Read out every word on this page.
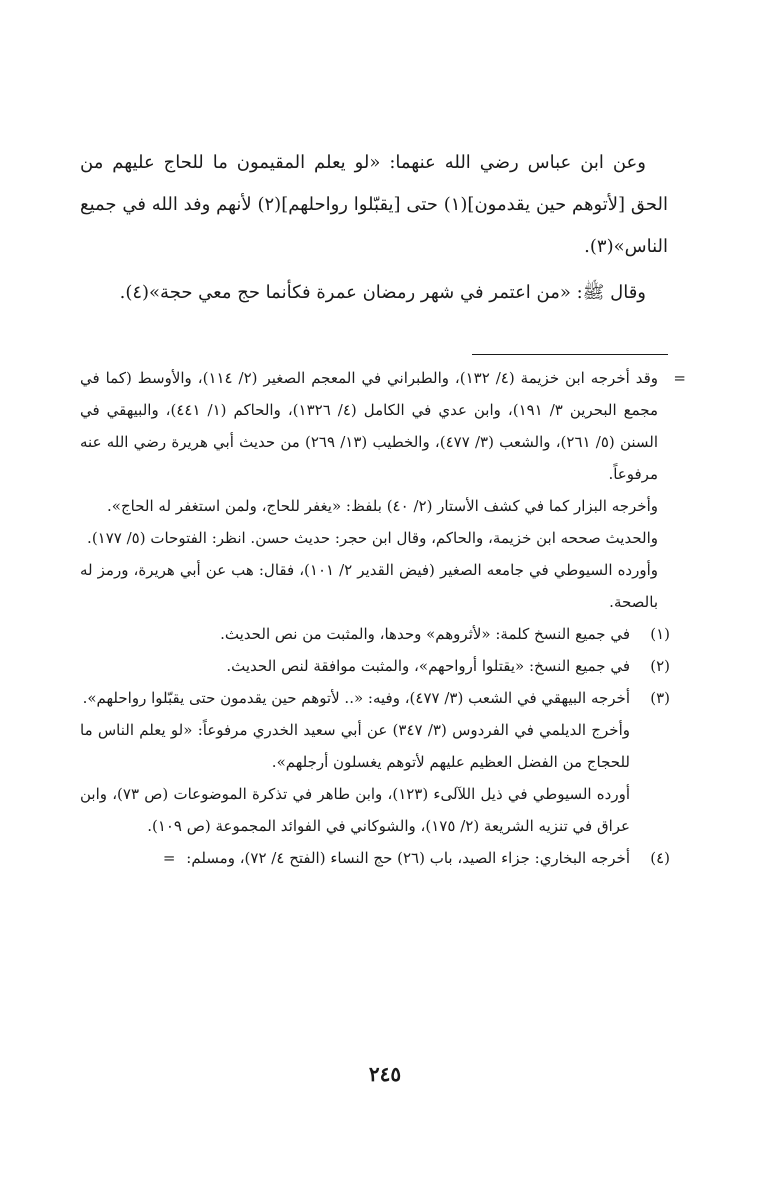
وعن ابن عباس رضي الله عنهما: «لو يعلم المقيمون ما للحاج عليهم من الحق [لأتوهم حين يقدمون](١) حتى [يقبّلوا رواحلهم](٢) لأنهم وفد الله في جميع الناس»(٣).

وقال ﷺ: «من اعتمر في شهر رمضان عمرة فكأنما حج معي حجة»(٤).

=

وقد أخرجه ابن خزيمة (٤/ ١٣٢)، والطبراني في المعجم الصغير (٢/ ١١٤)، والأوسط (كما في مجمع البحرين ٣/ ١٩١)، وابن عدي في الكامل (٤/ ١٣٢٦)، والحاكم (١/ ٤٤١)، والبيهقي في السنن (٥/ ٢٦١)، والشعب (٣/ ٤٧٧)، والخطيب (١٣/ ٢٦٩) من حديث أبي هريرة رضي الله عنه مرفوعاً.

وأخرجه البزار كما في كشف الأستار (٢/ ٤٠) بلفظ: «يغفر للحاج، ولمن استغفر له الحاج».

والحديث صححه ابن خزيمة، والحاكم، وقال ابن حجر: حديث حسن. انظر: الفتوحات (٥/ ١٧٧).

وأورده السيوطي في جامعه الصغير (فيض القدير ٢/ ١٠١)، فقال: هب عن أبي هريرة، ورمز له بالصحة.

(١)
في جميع النسخ كلمة: «لأثروهم» وحدها، والمثبت من نص الحديث.
(٢)
في جميع النسخ: «يقتلوا أرواحهم»، والمثبت موافقة لنص الحديث.
(٣)
أخرجه البيهقي في الشعب (٣/ ٤٧٧)، وفيه: «.. لأتوهم حين يقدمون حتى يقبّلوا رواحلهم».

وأخرج الديلمي في الفردوس (٣/ ٣٤٧) عن أبي سعيد الخدري مرفوعاً: «لو يعلم الناس ما للحجاج من الفضل العظيم عليهم لأتوهم يغسلون أرجلهم».

أورده السيوطي في ذيل اللآلىء (١٢٣)، وابن طاهر في تذكرة الموضوعات (ص ٧٣)، وابن عراق في تنزيه الشريعة (٢/ ١٧٥)، والشوكاني في الفوائد المجموعة (ص ١٠٩).

(٤)
أخرجه البخاري: جزاء الصيد، باب (٢٦) حج النساء (الفتح ٤/ ٧٢)، ومسلم: =
٢٤٥
